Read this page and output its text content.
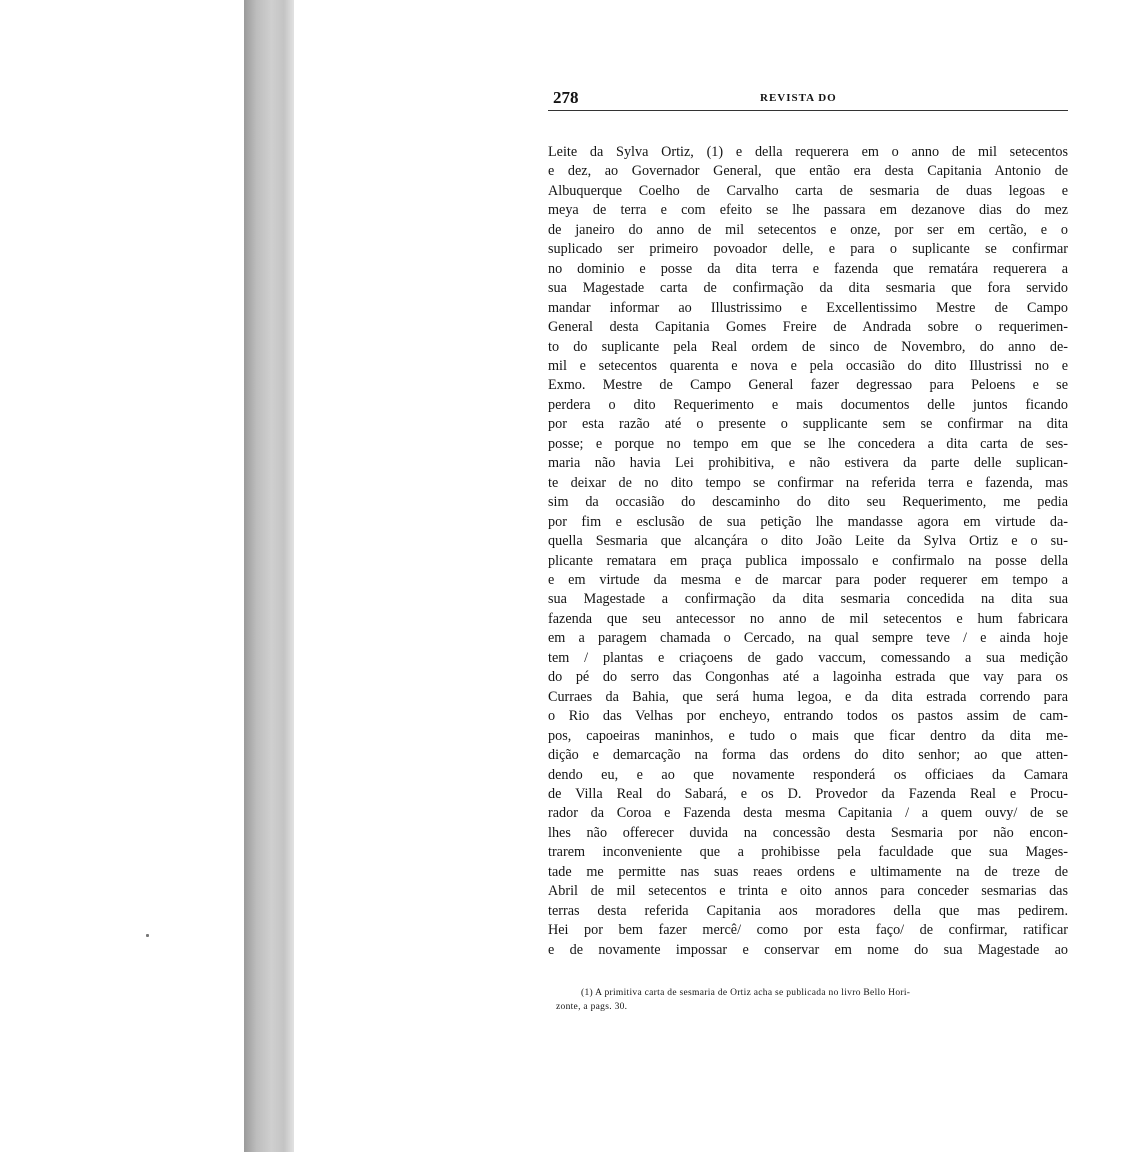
278	REVISTA DO
Leite da Sylva Ortiz, (1) e della requerera em o anno de mil setecentos
e dez, ao Governador General, que então era desta Capitania Antonio de
Albuquerque Coelho de Carvalho carta de sesmaria de duas legoas e
meya de terra e com efeito se lhe passara em dezanove dias do mez
de janeiro do anno de mil setecentos e onze, por ser em certão, e o
suplicado ser primeiro povoador delle, e para o suplicante se confirmar
no dominio e posse da dita terra e fazenda que rematára requerera a
sua Magestade carta de confirmação da dita sesmaria que fora servido
mandar informar ao Illustrissimo e Excellentissimo Mestre de Campo
General desta Capitania Gomes Freire de Andrada sobre o requerimen-
to do suplicante pela Real ordem de sinco de Novembro, do anno de-
mil e setecentos quarenta e nova e pela occasião do dito Illustrissi no e
Exmo. Mestre de Campo General fazer degressao para Peloens e se
perdera o dito Requerimento e mais documentos delle juntos ficando
por esta razão até o presente o supplicante sem se confirmar na dita
posse; e porque no tempo em que se lhe concedera a dita carta de ses-
maria não havia Lei prohibitiva, e não estivera da parte delle suplican-
te deixar de no dito tempo se confirmar na referida terra e fazenda, mas
sim da occasião do descaminho do dito seu Requerimento, me pedia
por fim e esclusão de sua petição lhe mandasse agora em virtude da-
quella Sesmaria que alcançára o dito João Leite da Sylva Ortiz e o su-
plicante rematara em praça publica impossalo e confirmalo na posse della
e em virtude da mesma e de marcar para poder requerer em tempo a
sua Magestade a confirmação da dita sesmaria concedida na dita sua
fazenda que seu antecessor no anno de mil setecentos e hum fabricara
em a paragem chamada o Cercado, na qual sempre teve / e ainda hoje
tem / plantas e criaçoens de gado vaccum, comessando a sua medição
do pé do serro das Congonhas até a lagoinha estrada que vay para os
Curraes da Bahia, que será huma legoa, e da dita estrada correndo para
o Rio das Velhas por encheyo, entrando todos os pastos assim de cam-
pos, capoeiras maninhos, e tudo o mais que ficar dentro da dita me-
dição e demarcação na forma das ordens do dito senhor; ao que atten-
dendo eu, e ao que novamente responderá os officiaes da Camara
de Villa Real do Sabará, e os D. Provedor da Fazenda Real e Procu-
rador da Coroa e Fazenda desta mesma Capitania / a quem ouvy/ de se
lhes não offerecer duvida na concessão desta Sesmaria por não encon-
trarem inconveniente que a prohibisse pela faculdade que sua Mages-
tade me permitte nas suas reaes ordens e ultimamente na de treze de
Abril de mil setecentos e trinta e oito annos para conceder sesmarias das
terras desta referida Capitania aos moradores della que mas pedirem.
Hei por bem fazer mercê/ como por esta faço/ de confirmar, ratificar
e de novamente impossar e conservar em nome do sua Magestade ao
(1) A primitiva carta de sesmaria de Ortiz acha se publicada no livro Bello Hori-
zonte, a pags. 30.
